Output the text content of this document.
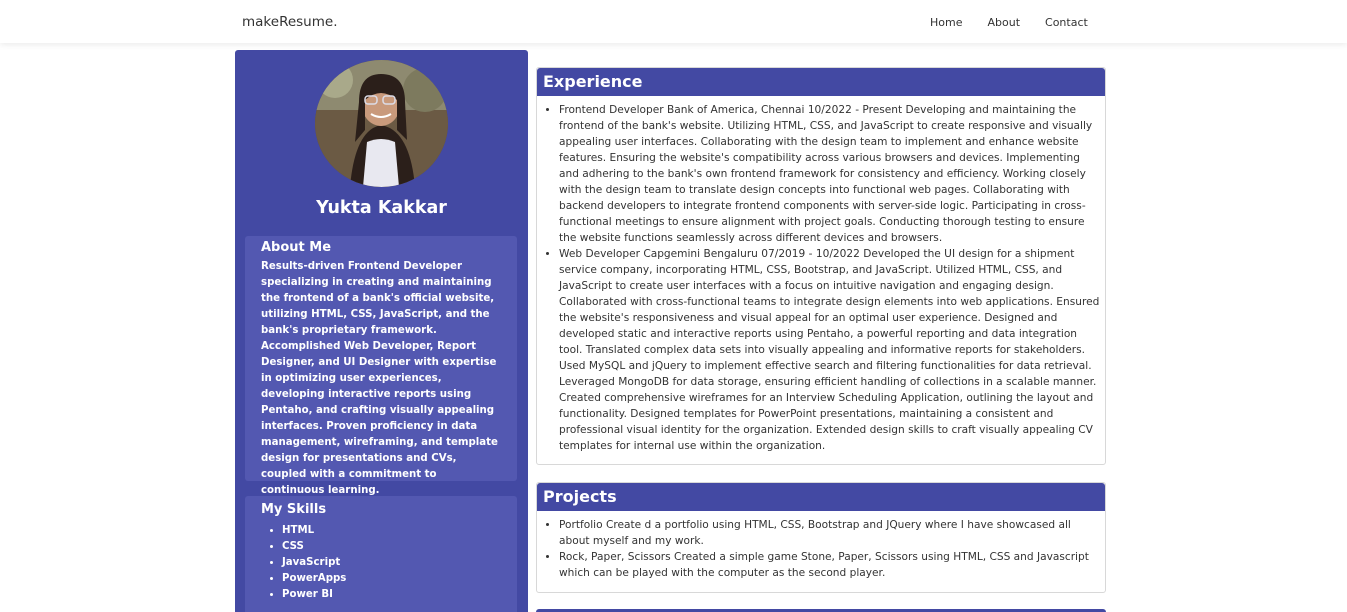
makeResume.	Home About Contact
Yukta Kakkar
About Me

Results-driven Frontend Developer specializing in creating and maintaining the frontend of a bank's official website, utilizing HTML, CSS, JavaScript, and the bank's proprietary framework. Accomplished Web Developer, Report Designer, and UI Designer with expertise in optimizing user experiences, developing interactive reports using Pentaho, and crafting visually appealing interfaces. Proven proficiency in data management, wireframing, and template design for presentations and CVs, coupled with a commitment to continuous learning.

My Skills
• HTML
• CSS
• JavaScript
• PowerApps
• Power BI
Experience
• Frontend Developer Bank of America, Chennai 10/2022 - Present Developing and maintaining the frontend of the bank's website. Utilizing HTML, CSS, and JavaScript to create responsive and visually appealing user interfaces. Collaborating with the design team to implement and enhance website features. Ensuring the website's compatibility across various browsers and devices. Implementing and adhering to the bank's own frontend framework for consistency and efficiency. Working closely with the design team to translate design concepts into functional web pages. Collaborating with backend developers to integrate frontend components with server-side logic. Participating in cross-functional meetings to ensure alignment with project goals. Conducting thorough testing to ensure the website functions seamlessly across different devices and browsers.
• Web Developer Capgemini Bengaluru 07/2019 - 10/2022 Developed the UI design for a shipment service company, incorporating HTML, CSS, Bootstrap, and JavaScript. Utilized HTML, CSS, and JavaScript to create user interfaces with a focus on intuitive navigation and engaging design. Collaborated with cross-functional teams to integrate design elements into web applications. Ensured the website's responsiveness and visual appeal for an optimal user experience. Designed and developed static and interactive reports using Pentaho, a powerful reporting and data integration tool. Translated complex data sets into visually appealing and informative reports for stakeholders. Used MySQL and jQuery to implement effective search and filtering functionalities for data retrieval. Leveraged MongoDB for data storage, ensuring efficient handling of collections in a scalable manner. Created comprehensive wireframes for an Interview Scheduling Application, outlining the layout and functionality. Designed templates for PowerPoint presentations, maintaining a consistent and professional visual identity for the organization. Extended design skills to craft visually appealing CV templates for internal use within the organization.
Projects
• Portfolio Create d a portfolio using HTML, CSS, Bootstrap and JQuery where I have showcased all about myself and my work.
• Rock, Paper, Scissors Created a simple game Stone, Paper, Scissors using HTML, CSS and Javascript which can be played with the computer as the second player.
